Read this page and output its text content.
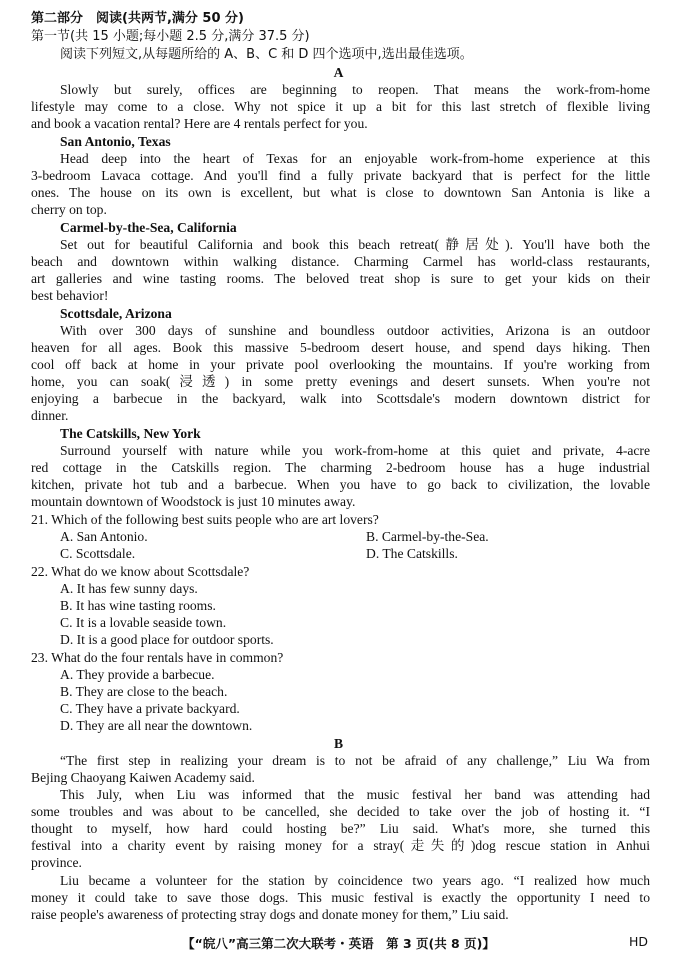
第二部分　阅读(共两节,满分 50 分)
第一节(共 15 小题;每小题 2.5 分,满分 37.5 分)
阅读下列短文,从每题所给的 A、B、C 和 D 四个选项中,选出最佳选项。
A
Slowly but surely, offices are beginning to reopen. That means the work-from-home
lifestyle may come to a close. Why not spice it up a bit for this last stretch of flexible living
and book a vacation rental? Here are 4 rentals perfect for you.
San Antonio, Texas
Head deep into the heart of Texas for an enjoyable work-from-home experience at this
3-bedroom Lavaca cottage. And you'll find a fully private backyard that is perfect for the little
ones. The house on its own is excellent, but what is close to downtown San Antonia is like a
cherry on top.
Carmel-by-the-Sea, California
Set out for beautiful California and book this beach retreat(静居处). You'll have both the
beach and downtown within walking distance. Charming Carmel has world-class restaurants,
art galleries and wine tasting rooms. The beloved treat shop is sure to get your kids on their
best behavior!
Scottsdale, Arizona
With over 300 days of sunshine and boundless outdoor activities, Arizona is an outdoor
heaven for all ages. Book this massive 5-bedroom desert house, and spend days hiking. Then
cool off back at home in your private pool overlooking the mountains. If you're working from
home, you can soak(浸透) in some pretty evenings and desert sunsets. When you're not
enjoying a barbecue in the backyard, walk into Scottsdale's modern downtown district for
dinner.
The Catskills, New York
Surround yourself with nature while you work-from-home at this quiet and private, 4-acre
red cottage in the Catskills region. The charming 2-bedroom house has a huge industrial
kitchen, private hot tub and a barbecue. When you have to go back to civilization, the lovable
mountain downtown of Woodstock is just 10 minutes away.
21. Which of the following best suits people who are art lovers?
A. San Antonio.	B. Carmel-by-the-Sea.
C. Scottsdale.	D. The Catskills.
22. What do we know about Scottsdale?
A. It has few sunny days.
B. It has wine tasting rooms.
C. It is a lovable seaside town.
D. It is a good place for outdoor sports.
23. What do the four rentals have in common?
A. They provide a barbecue.
B. They are close to the beach.
C. They have a private backyard.
D. They are all near the downtown.
B
“The first step in realizing your dream is to not be afraid of any challenge,” Liu Wa from
Bejing Chaoyang Kaiwen Academy said.
This July, when Liu was informed that the music festival her band was attending had
some troubles and was about to be cancelled, she decided to take over the job of hosting it. “I
thought to myself, how hard could hosting be?” Liu said. What's more, she turned this
festival into a charity event by raising money for a stray(走失的)dog rescue station in Anhui
province.
Liu became a volunteer for the station by coincidence two years ago. “I realized how much
money it could take to save those dogs. This music festival is exactly the opportunity I need to
raise people's awareness of protecting stray dogs and donate money for them,” Liu said.
【“皖八”高三第二次大联考・英语　第 3 页(共 8 页)】	HD
